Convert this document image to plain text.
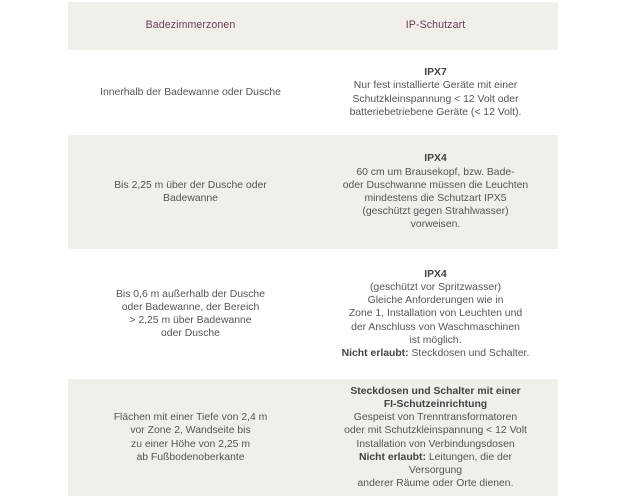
Badezimmerzonen	IP-Schutzart
Innerhalb der Badewanne oder Dusche
IPX7
Nur fest installierte Geräte mit einer
Schutzkleinspannung < 12 Volt oder
batteriebetriebene Geräte (< 12 Volt).
Bis 2,25 m über der Dusche oder
Badewanne
IPX4
60 cm um Brausekopf, bzw. Bade-
oder Duschwanne müssen die Leuchten
mindestens die Schutzart IPX5
(geschützt gegen Strahlwasser)
vorweisen.
Bis 0,6 m außerhalb der Dusche
oder Badewanne, der Bereich
> 2,25 m über Badewanne
oder Dusche
IPX4
(geschützt vor Spritzwasser)
Gleiche Anforderungen wie in
Zone 1, Installation von Leuchten und
der Anschluss von Waschmaschinen
ist möglich.
Nicht erlaubt: Steckdosen und Schalter.
Flächen mit einer Tiefe von 2,4 m
vor Zone 2, Wandseite bis
zu einer Höhe von 2,25 m
ab Fußbodenoberkante
Steckdosen und Schalter mit einer
FI-Schutzeinrichtung
Gespeist von Trenntransformatoren
oder mit Schutzkleinspannung < 12 Volt
Installation von Verbindungsdosen
Nicht erlaubt: Leitungen, die der
Versorgung
anderer Räume oder Orte dienen.
